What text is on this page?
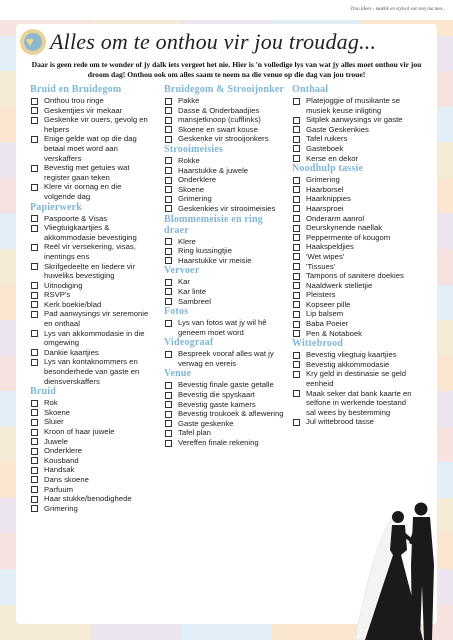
Trou Idees - maklik en stylvol van mej ma mes..
♥ Alles om te onthou vir jou troudag...
Daar is geen rede om te wonder of jy dalk iets vergeet het nie. Hier is 'n volledige lys van wat jy alles moet onthou vir jou droom dag! Onthou ook om alles saam te neem na die venue op die dag van jou troue!
Bruid en Bruidegom
Onthou trou ringe
Geskentjies vir mekaar
Geskenke vir ouers, gevolg en helpers
Enige gelde wat op die dag betaal moet word aan verskaffers
Bevestig met getuies wat register gaan teken
Klere vir oornag en die volgende dag
Papierwerk
Paspoorte & Visas
Vliegtuigkaartjies & akkommodasie bevestiging
Reël vir versekering, visas, inentings ens
Skrifgedeelte en liedere vir huweliks bevestiging
Uitnodiging
RSVP's
Kerk boekie/blad
Pad aanwysings vir seremonie en onthaal
Lys van akkommodasie in die omgewing
Dankie kaartjies
Lys van kontaknommers en besonderhede van gaste en diensverskaffers
Bruid
Rok
Skoene
Sluier
Kroon of haar juwele
Juwele
Onderklere
Kousband
Handsak
Dans skoene
Parfuum
Haar stukke/benodighede
Grimering
Bruidegom & Strooijonker
Pakke
Dasse & Onderbaadjies
mansjetknoop (cufflinks)
Skoene en swart kouse
Geskenke vir strooijonkers
Strooimeisies
Rokke
Haarstukke & juwele
Onderklere
Skoene
Grimering
Geskenkies vir strooimeisies
Blommemeisie en ring draer
Klere
Ring kussingtjie
Haarstukke vir meisie
Vervoer
Kar
Kar linte
Sambreel
Fotos
Lys van fotos wat jy wil hê geneem moet word
Videograaf
Bespreek vooraf alles wat jy verwag en vereis
Venue
Bevestig finale gaste getalle
Bevestig die spyskaart
Bevestig gaste kamers
Bevestig troukoek & aflewering
Gaste geskenke
Tafel plan
Vereffen finale rekening
Onthaal
Platejoggie of musikante se musiek keuse inligting
Sitplek aanwysings vir gaste
Gaste Geskenkies
Tafel ruikers
Gasteboek
Kerse en dekor
Noodhulp tassie
Grimering
Haarborsel
Haarknippies
Haarsproei
Onderarm aanrol
Deurskynende naellak
Peppermente of kougom
Haakspeldjies
'Wet wipes'
'Tissues'
Tampons of sanitere doekies
Naaldwerk stelletjie
Pleisters
Kopseer pille
Lip balsem
Baba Poeier
Pen & Notaboek
Wittebrood
Bevestig vliegtuig kaartjies
Bevestig akkommodasie
Kry geld in destinasie se geld eenheid
Maak seker dat bank kaarte en selfone in werkende toestand sal wees by bestemming
Jul wittebrood tasse
